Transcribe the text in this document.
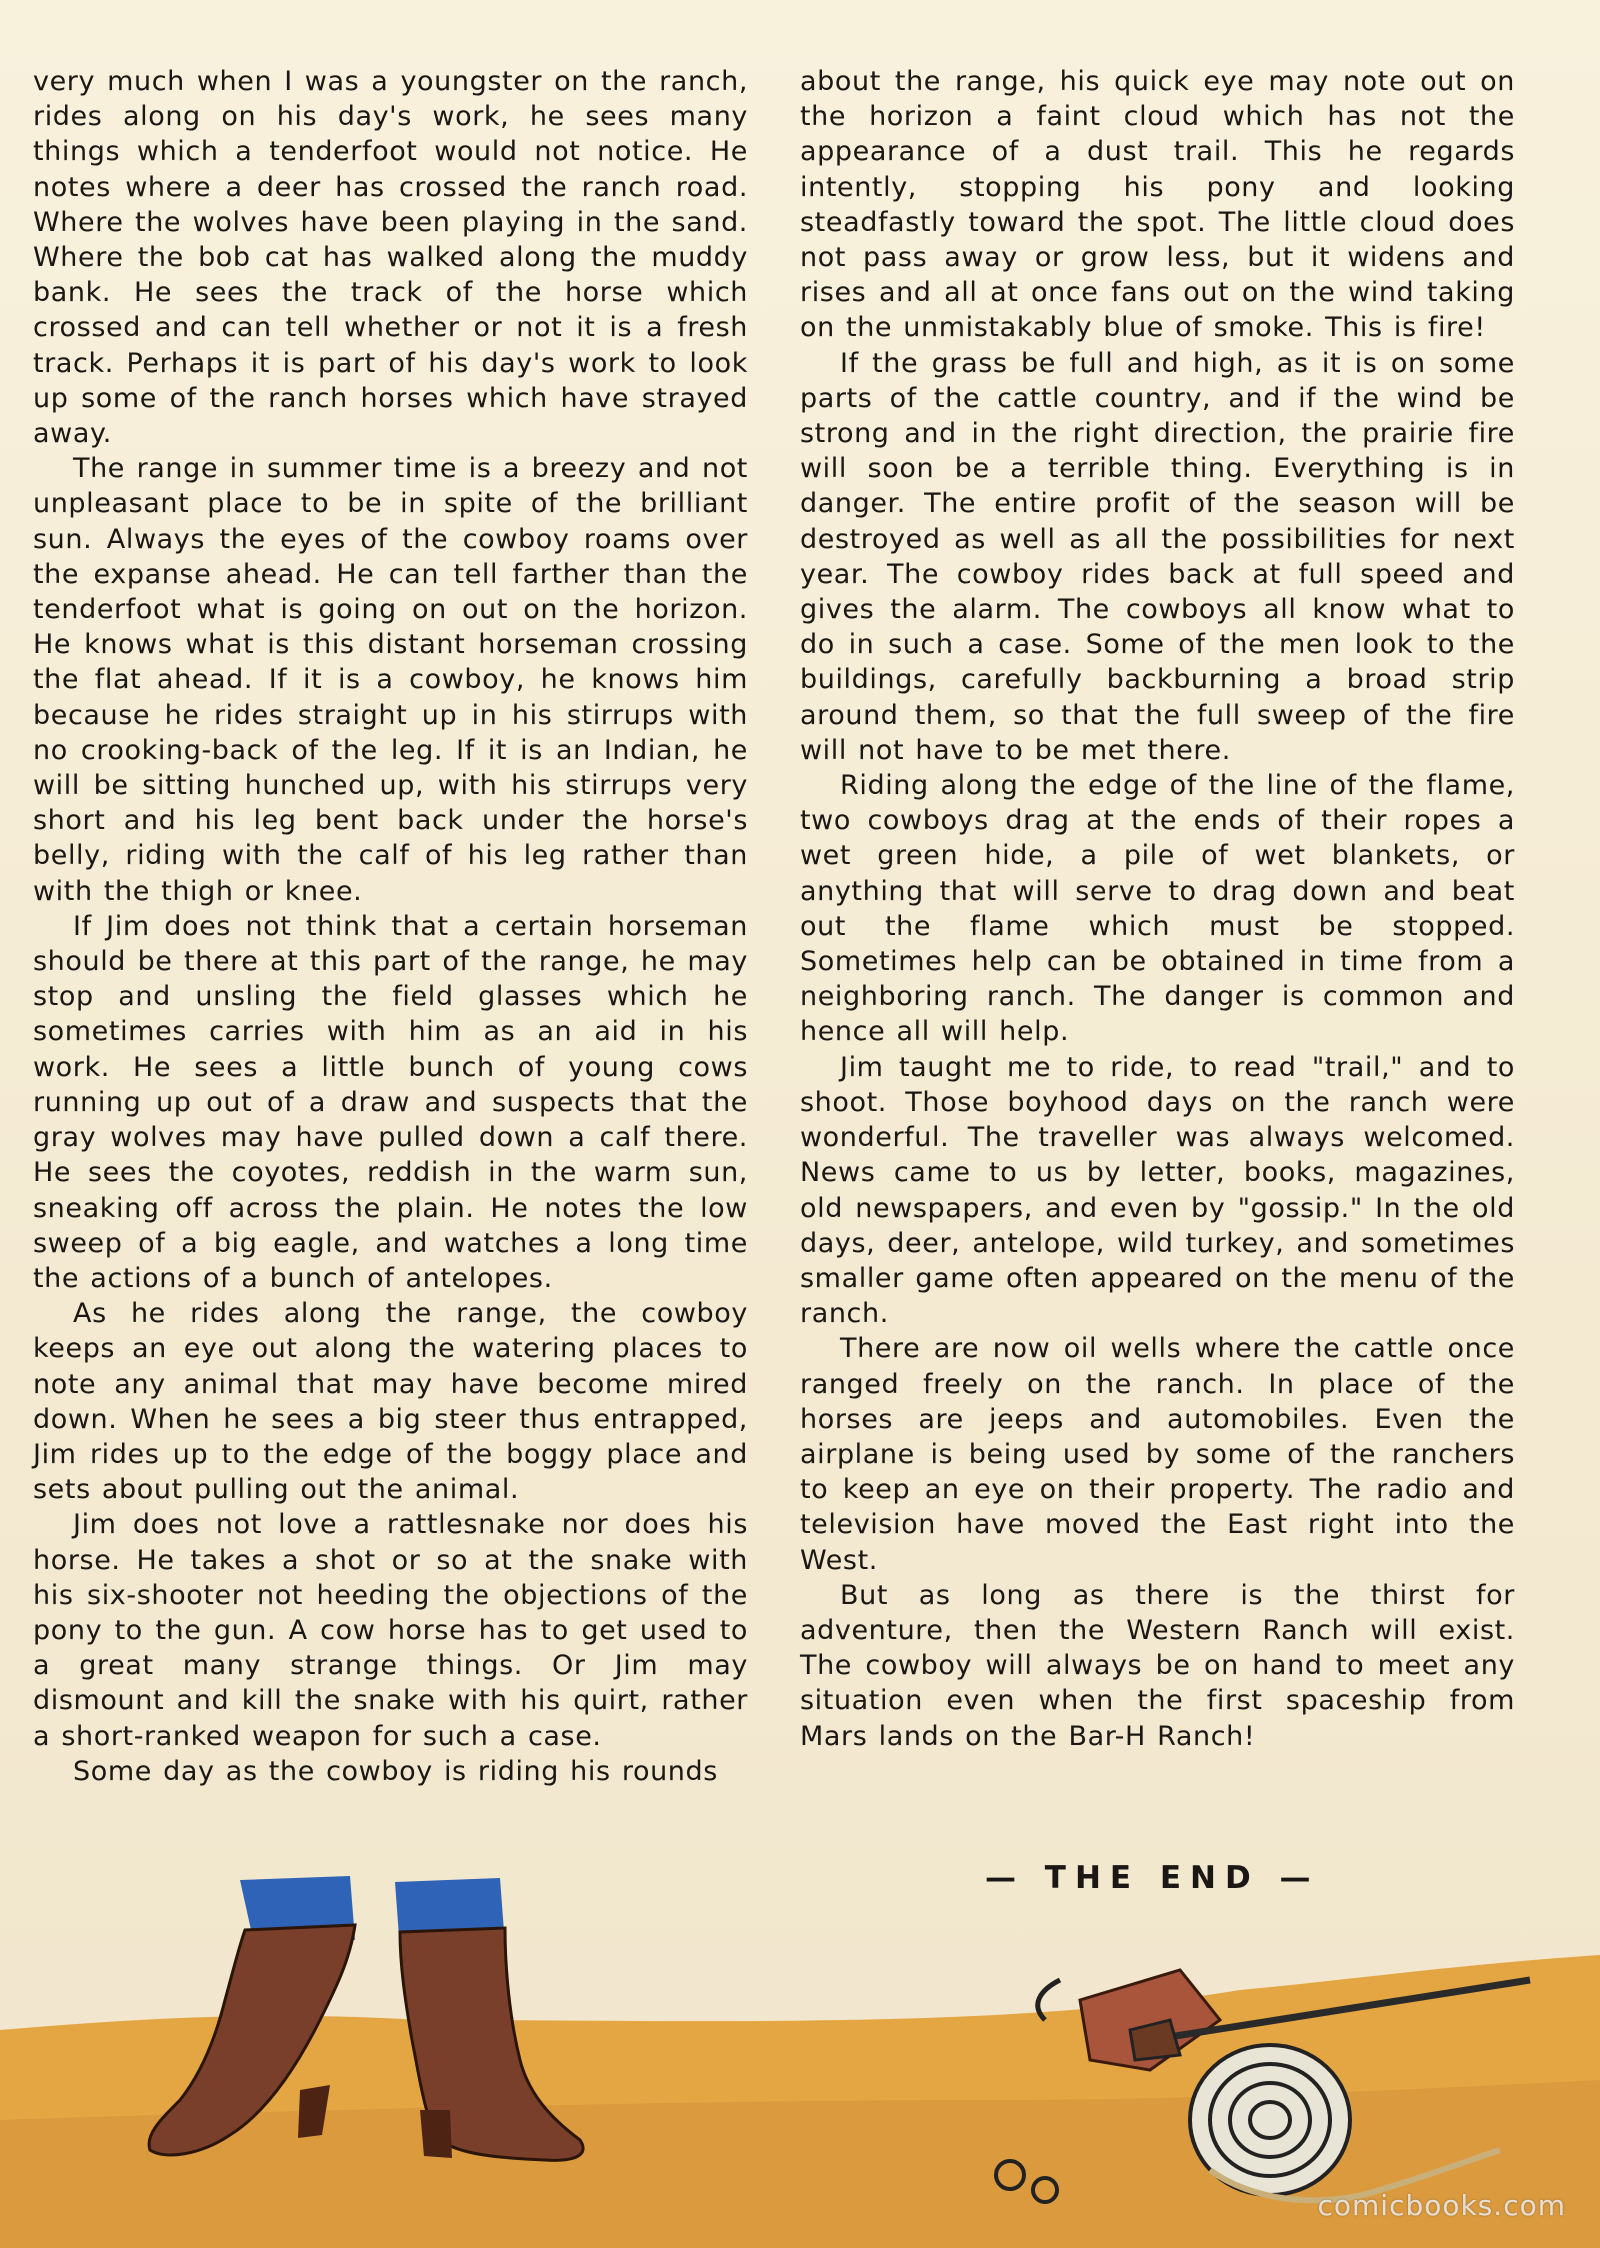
very much when I was a youngster on the ranch, rides along on his day's work, he sees many things which a tenderfoot would not notice. He notes where a deer has crossed the ranch road. Where the wolves have been playing in the sand. Where the bob cat has walked along the muddy bank. He sees the track of the horse which crossed and can tell whether or not it is a fresh track. Perhaps it is part of his day's work to look up some of the ranch horses which have strayed away.

The range in summer time is a breezy and not unpleasant place to be in spite of the brilliant sun. Always the eyes of the cowboy roams over the expanse ahead. He can tell farther than the tenderfoot what is going on out on the horizon. He knows what is this distant horseman crossing the flat ahead. If it is a cowboy, he knows him because he rides straight up in his stirrups with no crooking-back of the leg. If it is an Indian, he will be sitting hunched up, with his stirrups very short and his leg bent back under the horse's belly, riding with the calf of his leg rather than with the thigh or knee.

If Jim does not think that a certain horseman should be there at this part of the range, he may stop and unsling the field glasses which he sometimes carries with him as an aid in his work. He sees a little bunch of young cows running up out of a draw and suspects that the gray wolves may have pulled down a calf there. He sees the coyotes, reddish in the warm sun, sneaking off across the plain. He notes the low sweep of a big eagle, and watches a long time the actions of a bunch of antelopes.

As he rides along the range, the cowboy keeps an eye out along the watering places to note any animal that may have become mired down. When he sees a big steer thus entrapped, Jim rides up to the edge of the boggy place and sets about pulling out the animal.

Jim does not love a rattlesnake nor does his horse. He takes a shot or so at the snake with his six-shooter not heeding the objections of the pony to the gun. A cow horse has to get used to a great many strange things. Or Jim may dismount and kill the snake with his quirt, rather a short-ranked weapon for such a case.

Some day as the cowboy is riding his rounds

about the range, his quick eye may note out on the horizon a faint cloud which has not the appearance of a dust trail. This he regards intently, stopping his pony and looking steadfastly toward the spot. The little cloud does not pass away or grow less, but it widens and rises and all at once fans out on the wind taking on the unmistakably blue of smoke. This is fire!

If the grass be full and high, as it is on some parts of the cattle country, and if the wind be strong and in the right direction, the prairie fire will soon be a terrible thing. Everything is in danger. The entire profit of the season will be destroyed as well as all the possibilities for next year. The cowboy rides back at full speed and gives the alarm. The cowboys all know what to do in such a case. Some of the men look to the buildings, carefully backburning a broad strip around them, so that the full sweep of the fire will not have to be met there.

Riding along the edge of the line of the flame, two cowboys drag at the ends of their ropes a wet green hide, a pile of wet blankets, or anything that will serve to drag down and beat out the flame which must be stopped. Sometimes help can be obtained in time from a neighboring ranch. The danger is common and hence all will help.

Jim taught me to ride, to read "trail," and to shoot. Those boyhood days on the ranch were wonderful. The traveller was always welcomed. News came to us by letter, books, magazines, old newspapers, and even by "gossip." In the old days, deer, antelope, wild turkey, and sometimes smaller game often appeared on the menu of the ranch.

There are now oil wells where the cattle once ranged freely on the ranch. In place of the horses are jeeps and automobiles. Even the airplane is being used by some of the ranchers to keep an eye on their property. The radio and television have moved the East right into the West.

But as long as there is the thirst for adventure, then the Western Ranch will exist. The cowboy will always be on hand to meet any situation even when the first spaceship from Mars lands on the Bar-H Ranch!

— THE END —
comicbooks.com
